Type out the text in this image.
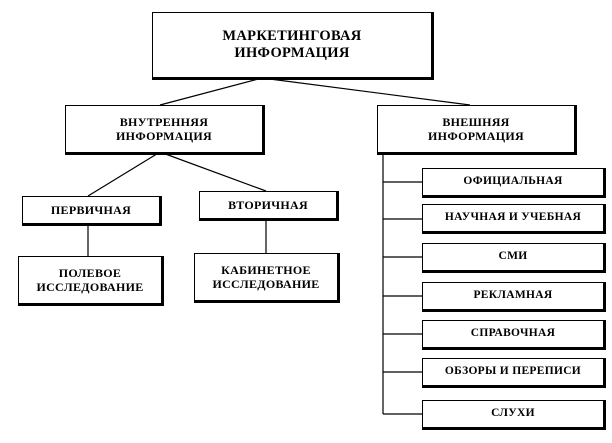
МАРКЕТИНГОВАЯ
ИНФОРМАЦИЯ
ВНУТРЕННЯЯ
ИНФОРМАЦИЯ
ВНЕШНЯЯ
ИНФОРМАЦИЯ
ПЕРВИЧНАЯ	ВТОРИЧНАЯ
ПОЛЕВОЕ
ИССЛЕДОВАНИЕ
КАБИНЕТНОЕ
ИССЛЕДОВАНИЕ
ОФИЦИАЛЬНАЯ
НАУЧНАЯ И УЧЕБНАЯ
СМИ
РЕКЛАМНАЯ
СПРАВОЧНАЯ
ОБЗОРЫ И ПЕРЕПИСИ
СЛУХИ
